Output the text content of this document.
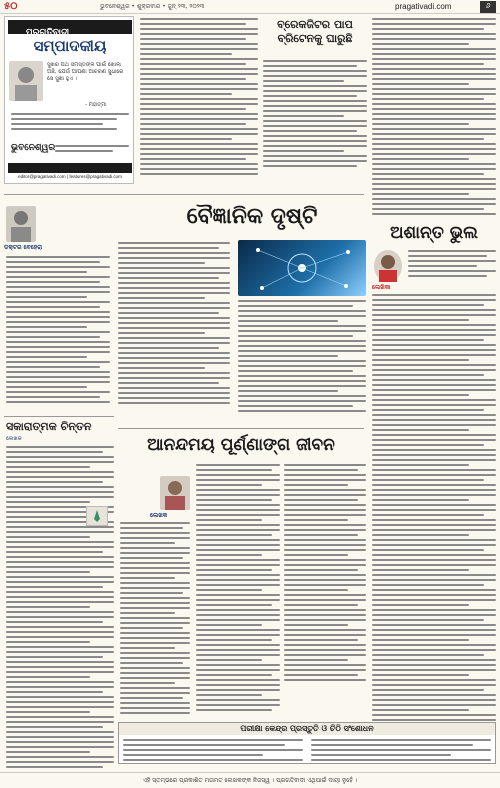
୫୦	ଭୁବନେଶ୍ୱର • ଶୁକ୍ରବାର • ଜୁନ୍ ୨୩, ୨୦୨୩	pragativadi.com	୬
ପ୍ରଗତିବାଦୀ
ସମ୍ପାଦକୀୟ
ସୁଖର ପଥ ସମସ୍ତଙ୍କ ପାଇଁ ଖୋଲା ଅଛି, ଯେଉଁ ଆପଣା ଆଚରଣ ସୁଧାରେ ସେ ସୁଖୀ ହୁଏ ।
- ମହାତ୍ମା
ଭୁବନେଶ୍ୱର
editor@pragativadi.com | features@pragativadi.com
ବ୍ରେକଜିଟର ପାପ ବ୍ରିଟେନକୁ ଘାରୁଛି
ବୈଜ୍ଞାନିକ ଦୃଷ୍ଟି
ଡକ୍ଟର ବେହେରା
ଅଶାନ୍ତ ଭୁଲ
ଲେଖିକା
ସକାରାତ୍ମକ ଚିନ୍ତନ
ଲେଖକ	ଆନନ୍ଦମୟ ପୂର୍ଣ୍ଣାଙ୍ଗ ଜୀବନ
ଲେଖକ
ପରୀକ୍ଷା କେନ୍ଦ୍ର ପ୍ରସ୍ତୁତି ଓ ଚିଠି ସଂଶୋଧନ
ଏହି ସ୍ତମ୍ଭରେ ପ୍ରକାଶିତ ମତାମତ ଲେଖକଙ୍କ ନିଜସ୍ୱ । ପ୍ରଗତିବାଦୀ ଏଥିପାଇଁ ଦାୟୀ ନୁହେଁ ।
